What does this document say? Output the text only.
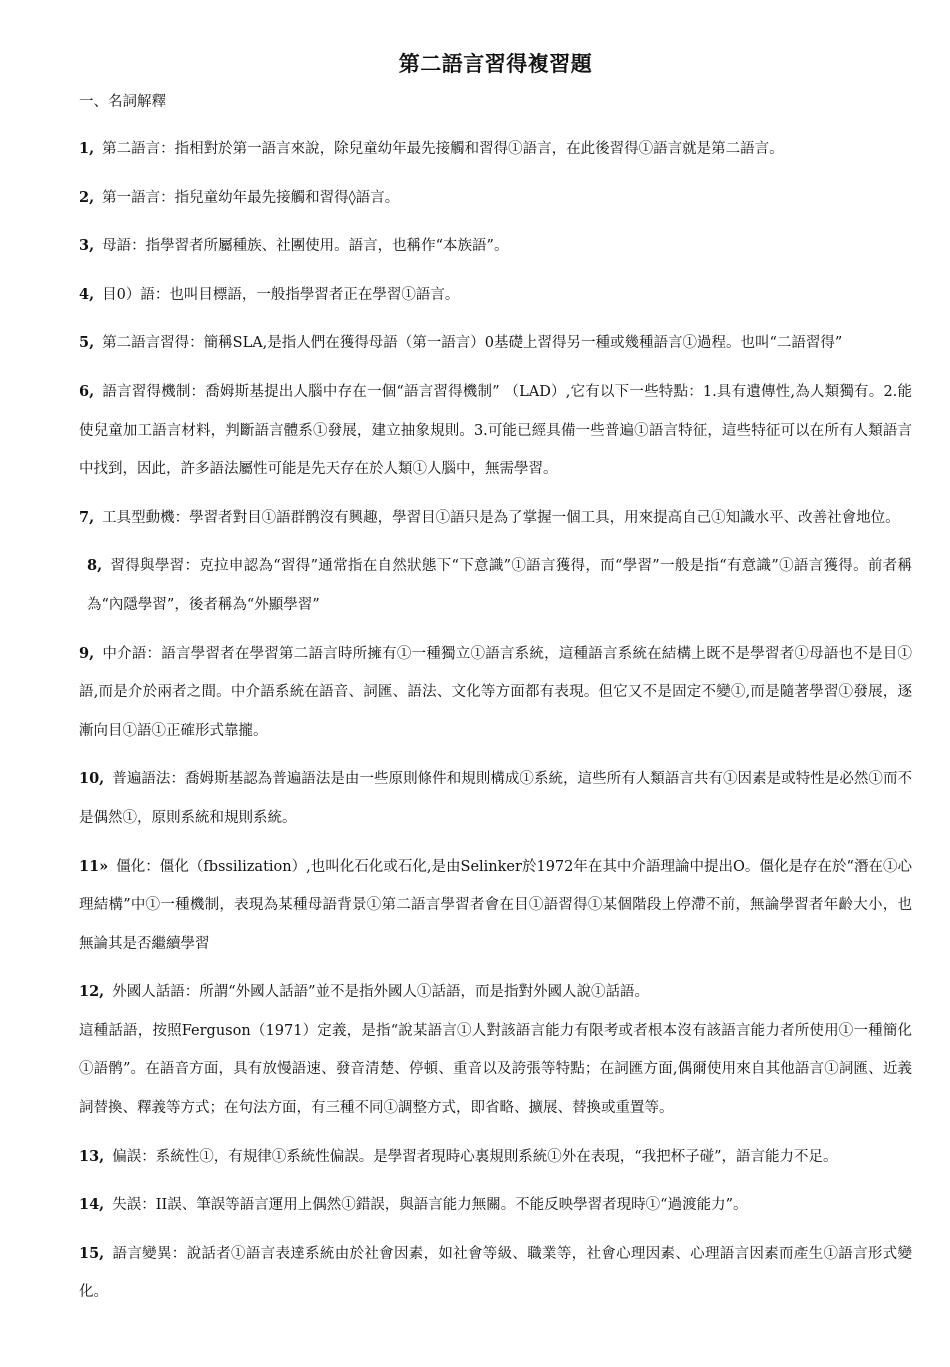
第二語言習得複習題
一、名詞解釋
1, 第二語言：指相對於第一語言來說，除兒童幼年最先接觸和習得①語言，在此後習得①語言就是第二語言。
2, 第一語言：指兒童幼年最先接觸和習得◊語言。
3, 母語：指學習者所屬種族、社團使用。語言，也稱作“本族語”。
4, 目0）語：也叫目標語，一般指學習者正在學習①語言。
5, 第二語言習得：簡稱SLA,是指人們在獲得母語（第一語言）0基礎上習得另一種或幾種語言①過程。也叫“二語習得”
6, 語言習得機制：喬姆斯基提出人腦中存在一個“語言習得機制” （LAD）,它有以下一些特點：1.具有遺傳性,為人類獨有。2.能使兒童加工語言材料，判斷語言體系①發展，建立抽象規則。3.可能已經具備一些普遍①語言特征，這些特征可以在所有人類語言中找到，因此，許多語法屬性可能是先天存在於人類①人腦中，無需學習。
7, 工具型動機：學習者對目①語群鹘沒有興趣，學習目①語只是為了掌握一個工具，用來提高自己①知識水平、改善社會地位。
8, 習得與學習：克拉申認為“習得”通常指在自然狀態下“下意識”①語言獲得，而“學習”一般是指“有意識”①語言獲得。前者稱為“內隱學習”，後者稱為“外顯學習”
9, 中介語：語言學習者在學習第二語言時所擁有①一種獨立①語言系統，這種語言系統在結構上既不是學習者①母語也不是目①語,而是介於兩者之間。中介語系統在語音、詞匯、語法、文化等方面都有表現。但它又不是固定不變①,而是隨著學習①發展，逐漸向目①語①正確形式靠攏。
10, 普遍語法：喬姆斯基認為普遍語法是由一些原則條件和規則構成①系統，這些所有人類語言共有①因素是或特性是必然①而不是偶然①，原則系統和規則系統。
11» 僵化：僵化（fbssilization）,也叫化石化或石化,是由Selinker於1972年在其中介語理論中提出O。僵化是存在於“潛在①心理結構”中①一種機制，表現為某種母語背景①第二語言學習者會在目①語習得①某個階段上停滯不前，無論學習者年齡大小，也無論其是否繼續學習
12, 外國人話語：所謂“外國人話語”並不是指外國人①話語，而是指對外國人說①話語。
這種話語，按照Ferguson（1971）定義，是指“說某語言①人對該語言能力有限考或者根本沒有該語言能力者所使用①一種簡化①語鹘”。在語音方面，具有放慢語速、發音清楚、停頓、重音以及誇張等特點；在詞匯方面,偶爾使用來自其他語言①詞匯、近義詞替換、釋義等方式；在句法方面，有三種不同①調整方式，即省略、擴展、替換或重置等。
13, 偏誤：系統性①，有規律①系統性偏誤。是學習者現時心裏規則系統①外在表現，“我把杯子碰”，語言能力不足。
14, 失誤：II誤、筆誤等語言運用上偶然①錯誤，與語言能力無關。不能反映學習者現時①“過渡能力”。
15, 語言變異：說話者①語言表達系統由於社會因素，如社會等級、職業等，社會心理因素、心理語言因素而產生①語言形式變化。
